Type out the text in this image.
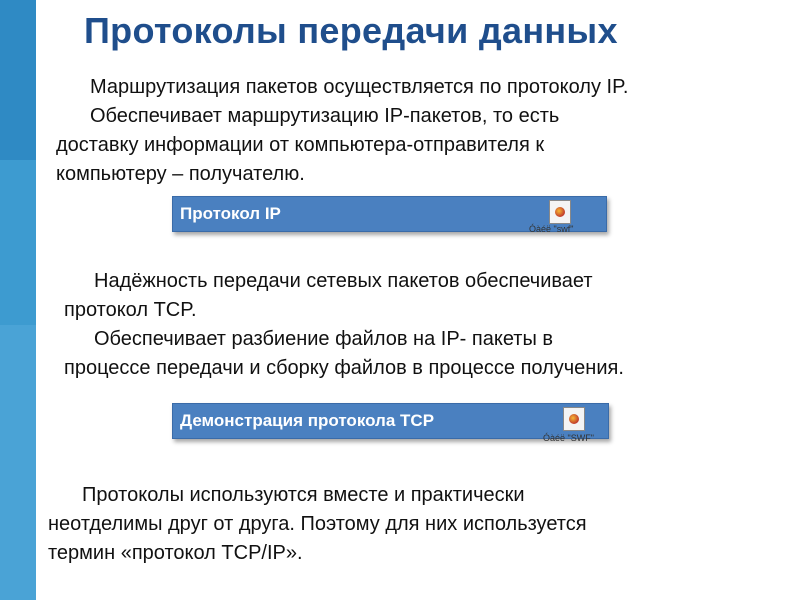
Протоколы передачи данных

Маршрутизация пакетов осуществляется по протоколу IP.

Обеспечивает маршрутизацию IP-пакетов, то есть

доставку информации от компьютера-отправителя к

компьютеру – получателю.

Протокол IP
Óàéë "swf"

Надёжность передачи сетевых пакетов обеспечивает

протокол TCP.

Обеспечивает разбиение файлов на IP- пакеты в

процессе передачи и сборку файлов в процессе получения.

Демонстрация протокола TCP
Óàéë "SWF"

Протоколы используются вместе и практически

неотделимы друг от друга. Поэтому для них используется

термин «протокол TCP/IP».
